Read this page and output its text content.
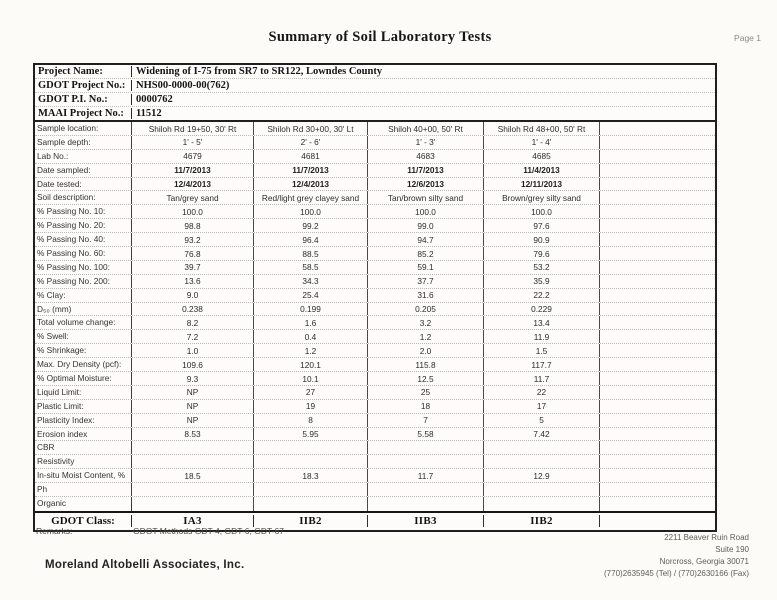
Summary of Soil Laboratory Tests	Page 1
Project Name:	Widening of I-75 from SR7 to SR122, Lowndes County
GDOT Project No.:	NHS00-0000-00(762)
GDOT P.I. No.:	0000762
MAAI Project No.:	11512
Sample location:	Shiloh Rd 19+50, 30' Rt	Shiloh Rd 30+00, 30' Lt	Shiloh 40+00, 50' Rt	Shiloh Rd 48+00, 50' Rt
Sample depth:	1' - 5'	2' - 6'	1' - 3'	1' - 4'
Lab No.:	4679	4681	4683	4685
Date sampled:	11/7/2013	11/7/2013	11/7/2013	11/4/2013
Date tested:	12/4/2013	12/4/2013	12/6/2013	12/11/2013
Soil description:	Tan/grey sand	Red/light grey clayey sand	Tan/brown silty sand	Brown/grey silty sand
% Passing No. 10:	100.0	100.0	100.0	100.0
% Passing No. 20:	98.8	99.2	99.0	97.6
% Passing No. 40:	93.2	96.4	94.7	90.9
% Passing No. 60:	76.8	88.5	85.2	79.6
% Passing No. 100:	39.7	58.5	59.1	53.2
% Passing No. 200:	13.6	34.3	37.7	35.9
% Clay:	9.0	25.4	31.6	22.2
D₅₀ (mm)	0.238	0.199	0.205	0.229
Total volume change:	8.2	1.6	3.2	13.4
% Swell:	7.2	0.4	1.2	11.9
% Shrinkage:	1.0	1.2	2.0	1.5
Max. Dry Density (pcf):	109.6	120.1	115.8	117.7
% Optimal Moisture:	9.3	10.1	12.5	11.7
Liquid Limit:	NP	27	25	22
Plastic Limit:	NP	19	18	17
Plasticity Index:	NP	8	7	5
Erosion index	8.53	5.95	5.58	7.42
CBR
Resistivity
In-situ Moist Content, %	18.5	18.3	11.7	12.9
Ph
Organic
GDOT Class:	IA3	IIB2	IIB3	IIB2
Remarks:	GDOT Methods GDT-4, GDT-6, GDT-67
Moreland Altobelli Associates, Inc.
2211 Beaver Ruin Road
Suite 190
Norcross, Georgia 30071
(770)2635945 (Tel) / (770)2630166 (Fax)
